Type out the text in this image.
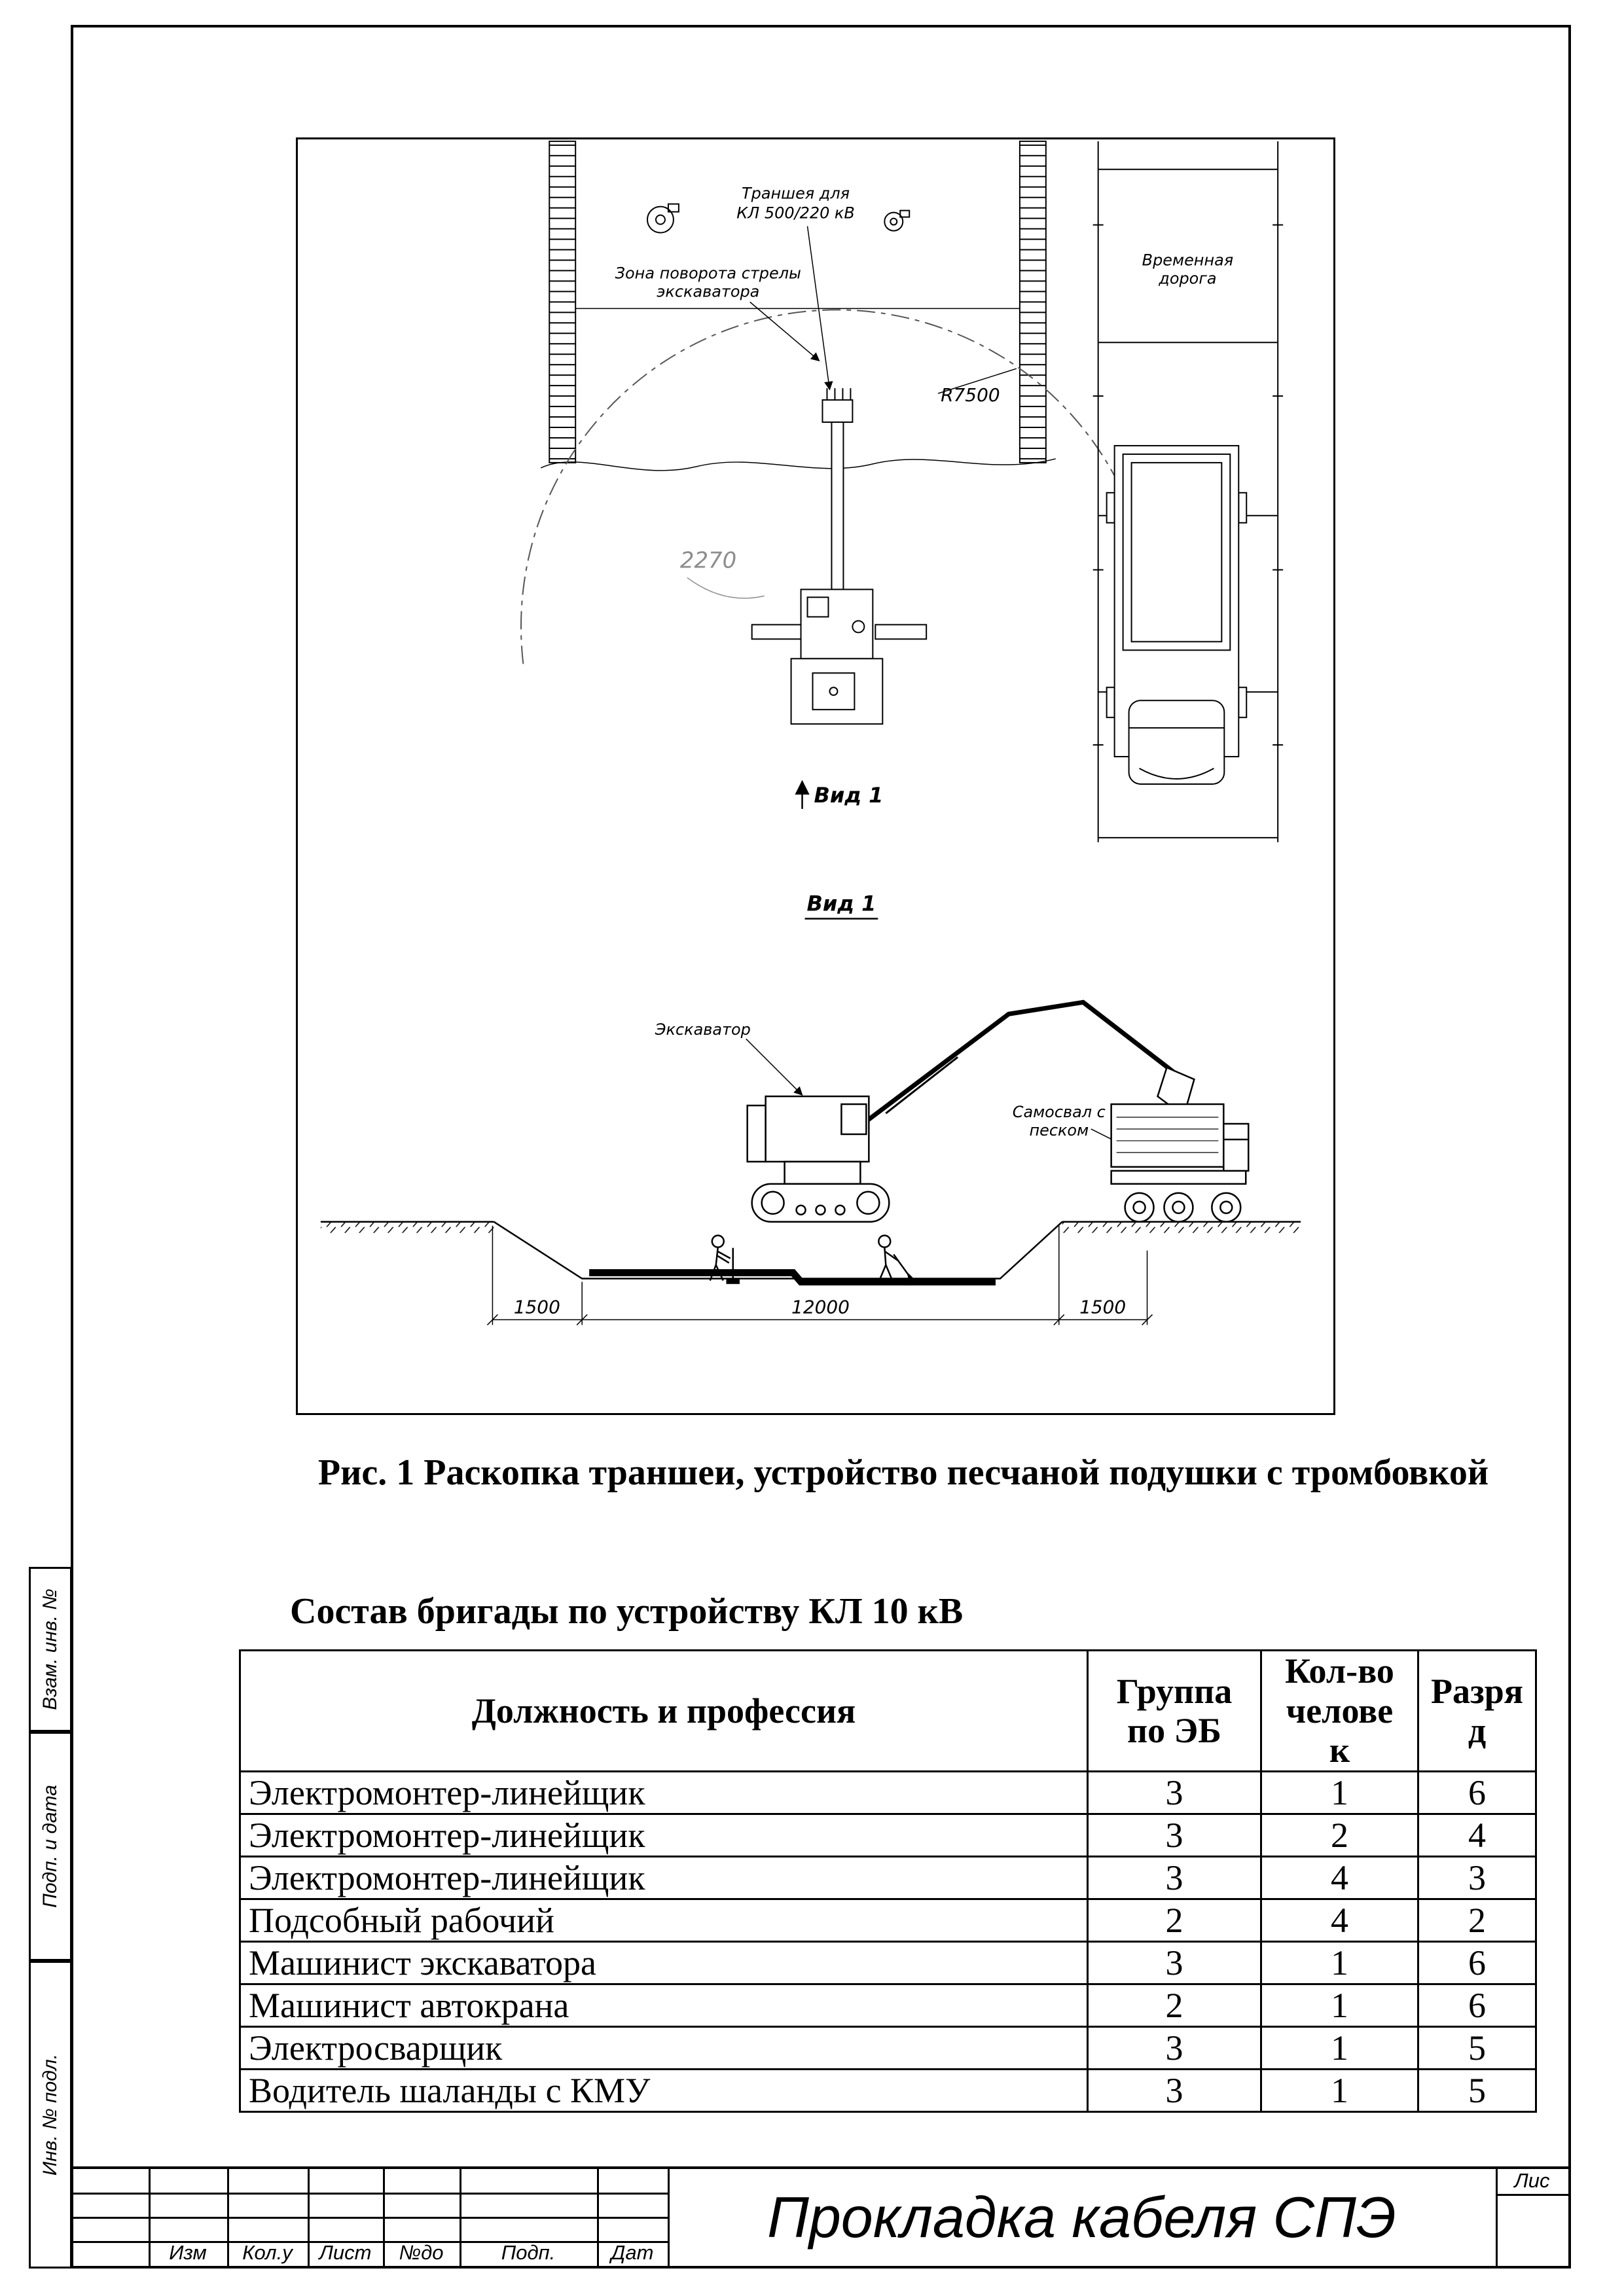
Взам. инв. №
Подп. и дата
Инв. № подл.
R7500
Траншея для
КЛ 500/220 кВ
Зона поворота стрелы
экскаватора
2270
Вид 1
Временная
дорога
Вид 1
Экскаватор
Самосвал с
песком
1500	12000	1500
Рис. 1 Раскопка траншеи, устройство песчаной подушки с тромбовкой
Состав бригады по устройству КЛ 10 кВ
Должность и профессия	Группа по ЭБ	Кол-во человек	Разряд
Электромонтер-линейщик	3	1	6
Электромонтер-линейщик	3	2	4
Электромонтер-линейщик	3	4	3
Подсобный рабочий	2	4	2
Машинист экскаватора	3	1	6
Машинист автокрана	2	1	6
Электросварщик	3	1	5
Водитель шаланды с КМУ	3	1	5
Изм	Кол.у	Лист	№до	Подп.	Дат
Прокладка кабеля СПЭ
Лис
